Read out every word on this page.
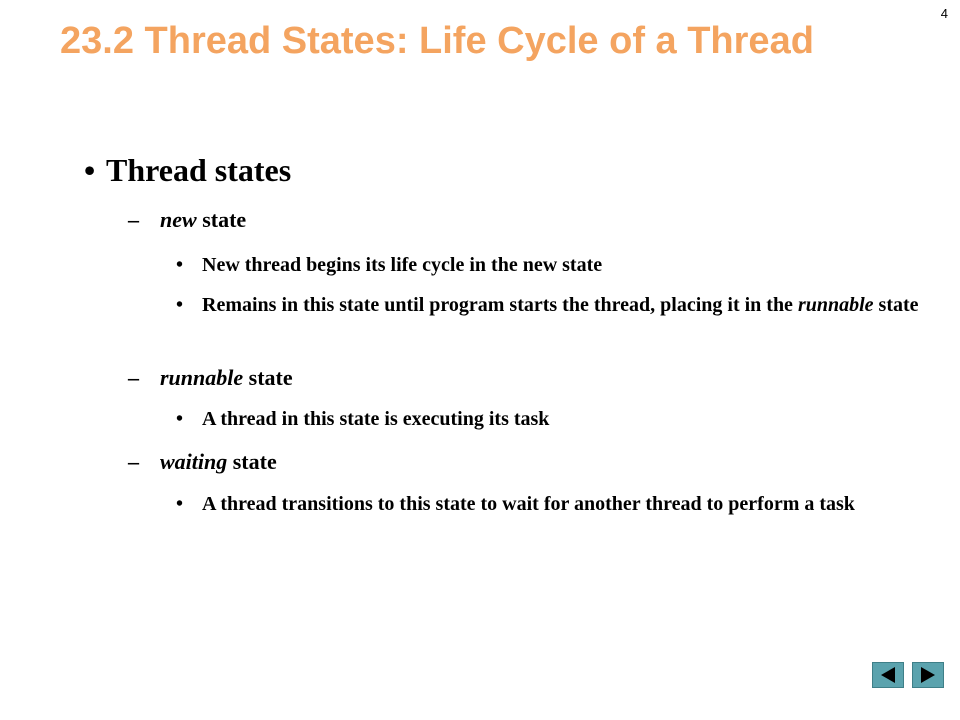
4
23.2 Thread States: Life Cycle of a Thread
• Thread states
– new state
• New thread begins its life cycle in the new state
• Remains in this state until program starts the thread, placing it in the runnable state
– runnable state
• A thread in this state is executing its task
– waiting state
• A thread transitions to this state to wait for another thread to perform a task
